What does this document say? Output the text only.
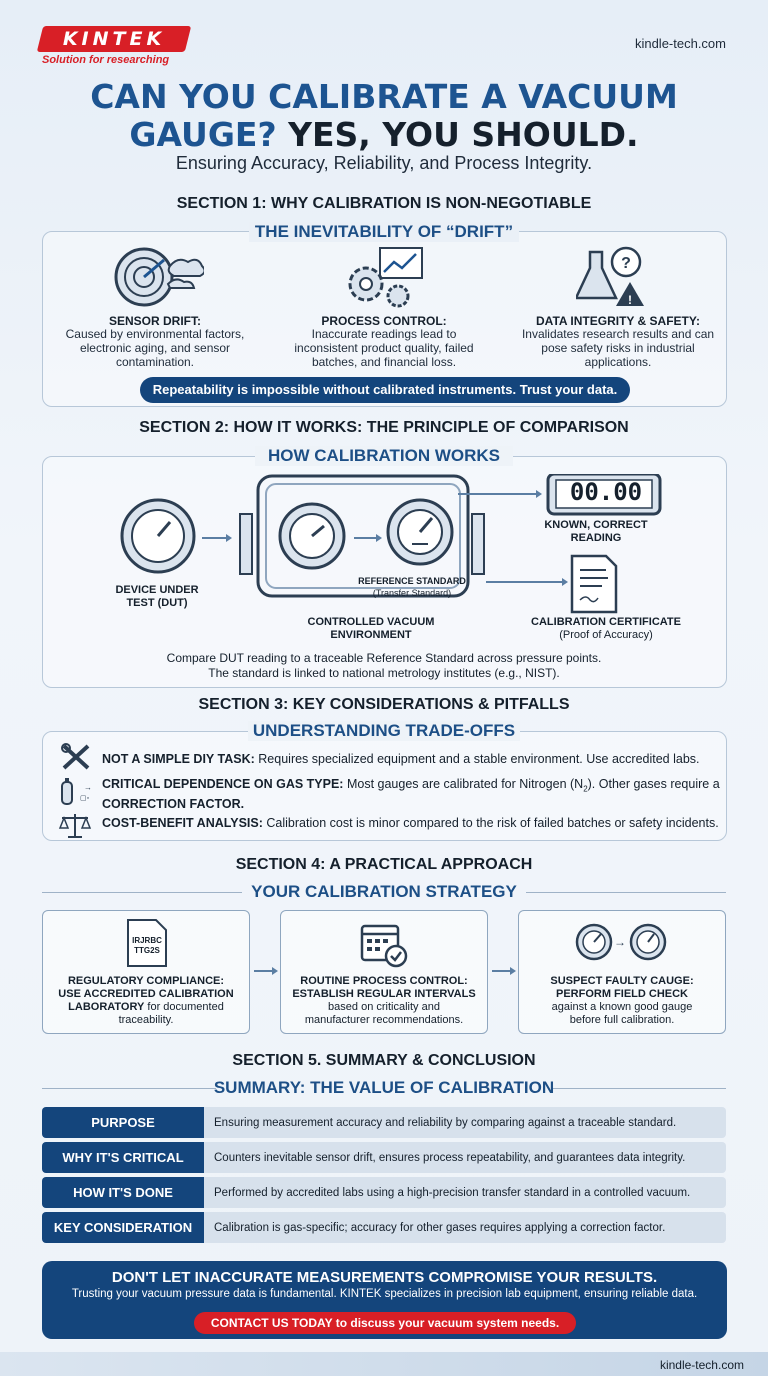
KINTEK
Solution for researching
kindle-tech.com
CAN YOU CALIBRATE A VACUUM
GAUGE? YES, YOU SHOULD.
Ensuring Accuracy, Reliability, and Process Integrity.
SECTION 1: WHY CALIBRATION IS NON-NEGOTIABLE
THE INEVITABILITY OF “DRIFT”
SENSOR DRIFT:
Caused by environmental factors, electronic aging, and sensor contamination.
PROCESS CONTROL:
Inaccurate readings lead to inconsistent product quality, failed batches, and financial loss.
?
!
DATA INTEGRITY & SAFETY:
Invalidates research results and can pose safety risks in industrial applications.
Repeatability is impossible without calibrated instruments. Trust your data.
SECTION 2: HOW IT WORKS: THE PRINCIPLE OF COMPARISON
HOW CALIBRATION WORKS
00.00
KNOWN, CORRECT READING
DEVICE UNDER TEST (DUT)
REFERENCE STANDARD
(Transfer Standard)
CONTROLLED VACUUM ENVIRONMENT
CALIBRATION CERTIFICATE
(Proof of Accuracy)
Compare DUT reading to a traceable Reference Standard across pressure points.
The standard is linked to national metrology institutes (e.g., NIST).
SECTION 3: KEY CONSIDERATIONS & PITFALLS
UNDERSTANDING TRADE-OFFS
NOT A SIMPLE DIY TASK: Requires specialized equipment and a stable environment. Use accredited labs.
→
▢▫
CRITICAL DEPENDENCE ON GAS TYPE: Most gauges are calibrated for Nitrogen $(N_2)$. Other gases require a
CORRECTION FACTOR.
COST-BENEFIT ANALYSIS: Calibration cost is minor compared to the risk of failed batches or safety incidents.
SECTION 4: A PRACTICAL APPROACH
YOUR CALIBRATION STRATEGY
IRJRBC
TTG2S
REGULATORY COMPLIANCE:
USE ACCREDITED CALIBRATION
LABORATORY for documented traceability.
ROUTINE PROCESS CONTROL:
ESTABLISH REGULAR INTERVALS
based on criticality and
manufacturer recommendations.
→
SUSPECT FAULTY CAUGE:
PERFORM FIELD CHECK
against a known good gauge
before full calibration.
SECTION 5. SUMMARY & CONCLUSION
SUMMARY: THE VALUE OF CALIBRATION
PURPOSE	Ensuring measurement accuracy and reliability by comparing against a traceable standard.
WHY IT'S CRITICAL	Counters inevitable sensor drift, ensures process repeatability, and guarantees data integrity.
HOW IT'S DONE	Performed by accredited labs using a high-precision transfer standard in a controlled vacuum.
KEY CONSIDERATION	Calibration is gas-specific; accuracy for other gases requires applying a correction factor.
DON'T LET INACCURATE MEASUREMENTS COMPROMISE YOUR RESULTS.
Trusting your vacuum pressure data is fundamental. KINTEK specializes in precision lab equipment, ensuring reliable data.
CONTACT US TODAY to discuss your vacuum system needs.
kindle-tech.com
